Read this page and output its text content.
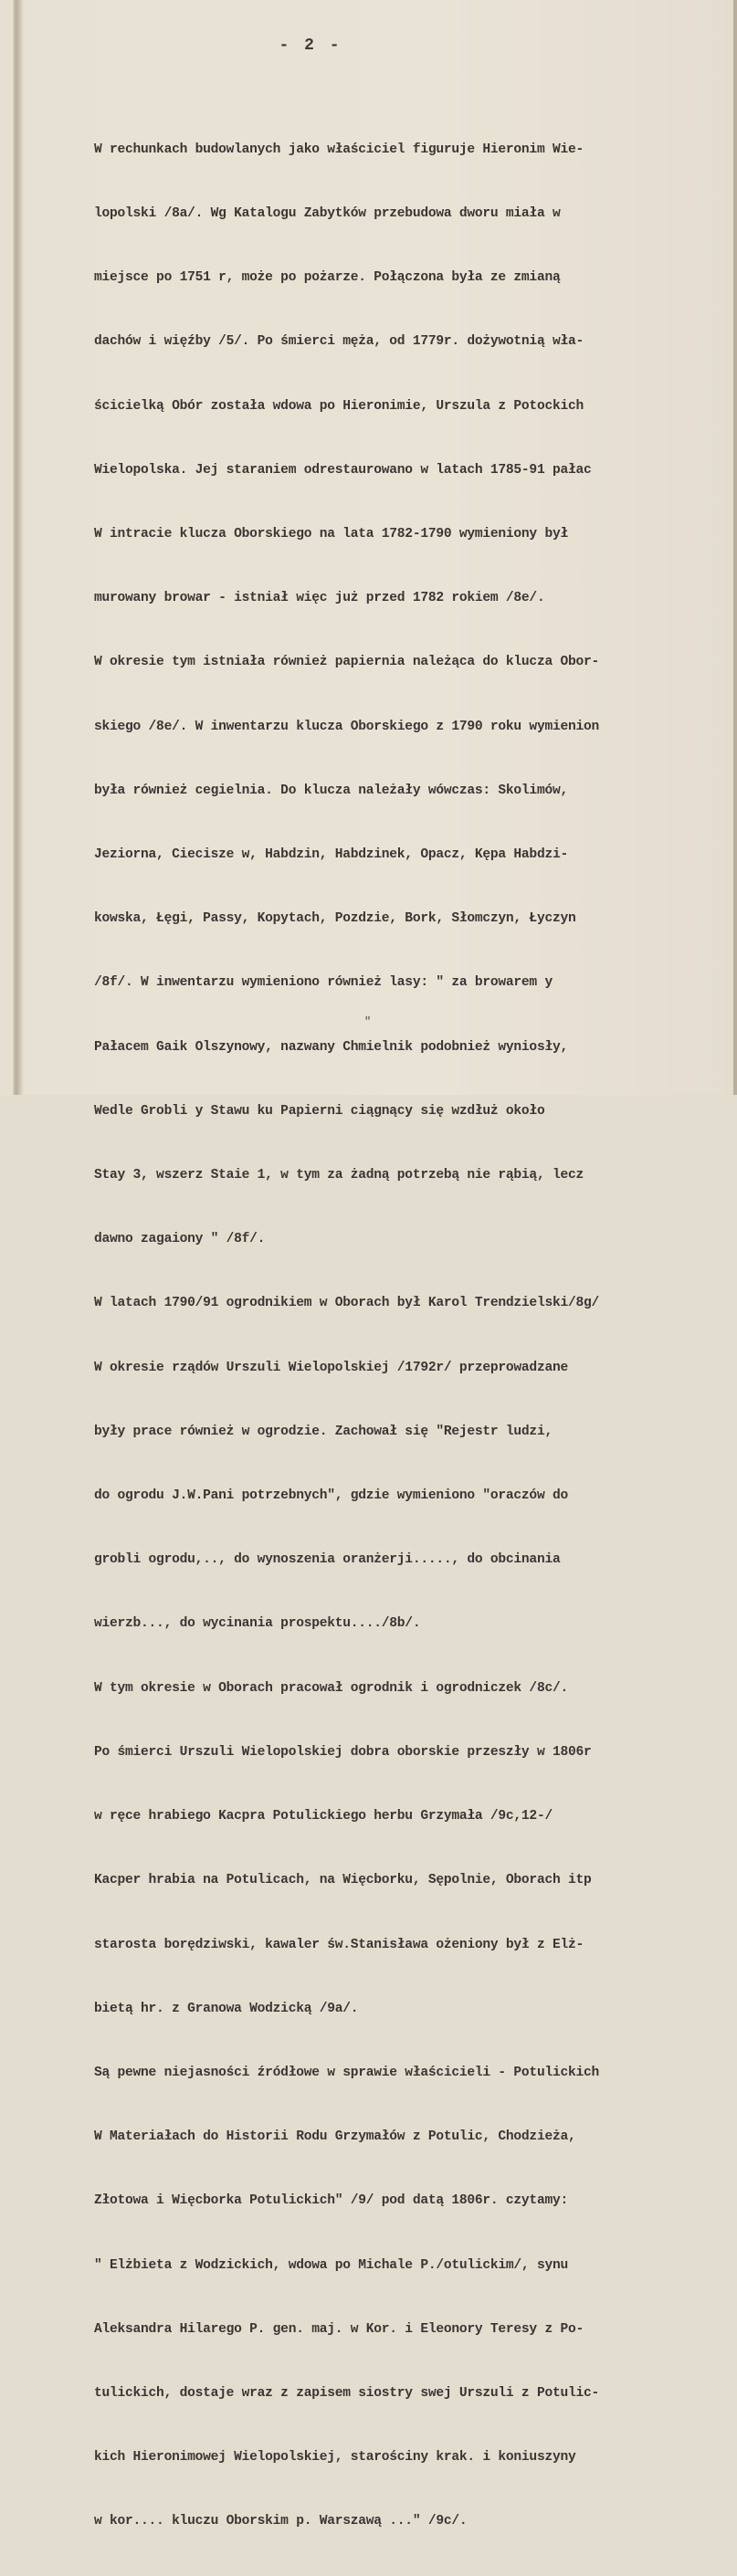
- 2 -

W rechunkach budowlanych jako właściciel figuruje Hieronim Wie-

lopolski /8a/. Wg Katalogu Zabytków przebudowa dworu miała w

miejsce po 1751 r, może po pożarze. Połączona była ze zmianą

dachów i więźby /5/. Po śmierci męża, od 1779r. dożywotnią wła-

ścicielką Obór została wdowa po Hieronimie, Urszula z Potockich

Wielopolska. Jej staraniem odrestaurowano w latach 1785-91 pałac

W intracie klucza Oborskiego na lata 1782-1790 wymieniony był

murowany browar - istniał więc już przed 1782 rokiem /8e/.

W okresie tym istniała również papiernia należąca do klucza Obor-

skiego /8e/. W inwentarzu klucza Oborskiego z 1790 roku wymienion

była również cegielnia. Do klucza należały wówczas: Skolimów,

Jeziorna, Ciecisze w, Habdzin, Habdzinek, Opacz, Kępa Habdzi-

kowska, Łęgi, Passy, Kopytach, Pozdzie, Bork, Słomczyn, Łyczyn

/8f/. W inwentarzu wymieniono również lasy: " za browarem y

Pałacem Gaik Olszynowy, nazwany Chmielnik podobnież wyniosły,

Wedle Grobli y Stawu ku Papierni ciągnący się wzdłuż około

Stay 3, wszerz Staie 1, w tym za żadną potrzebą nie rąbią, lecz

dawno zagaiony " /8f/.

W latach 1790/91 ogrodnikiem w Oborach był Karol Trendzielski/8g/

W okresie rządów Urszuli Wielopolskiej /1792r/ przeprowadzane

były prace również w ogrodzie. Zachował się "Rejestr ludzi,

do ogrodu J.W.Pani potrzebnych", gdzie wymieniono "oraczów do

grobli ogrodu,.., do wynoszenia oranżerji....., do obcinania

wierzb..., do wycinania prospektu..../8b/.

W tym okresie w Oborach pracował ogrodnik i ogrodniczek /8c/.

Po śmierci Urszuli Wielopolskiej dobra oborskie przeszły w 1806r

w ręce hrabiego Kacpra Potulickiego herbu Grzymała /9c,12-/

Kacper hrabia na Potulicach, na Więcborku, Sępolnie, Oborach itp

starosta borędziwski, kawaler św.Stanisława ożeniony był z Elż-

bietą hr. z Granowa Wodzicką /9a/.

Są pewne niejasności źródłowe w sprawie właścicieli - Potulickich

W Materiałach do Historii Rodu Grzymałów z Potulic, Chodzieża,

Złotowa i Więcborka Potulickich" /9/ pod datą 1806r. czytamy:

" Elżbieta z Wodzickich, wdowa po Michale P./otulickim/, synu

Aleksandra Hilarego P. gen. maj. w Kor. i Eleonory Teresy z Po-

tulickich, dostaje wraz z zapisem siostry swej Urszuli z Potulic-

kich Hieronimowej Wielopolskiej, starościny krak. i koniuszyny

w kor.... kluczu Oborskim p. Warszawą ..." /9c/.

"
